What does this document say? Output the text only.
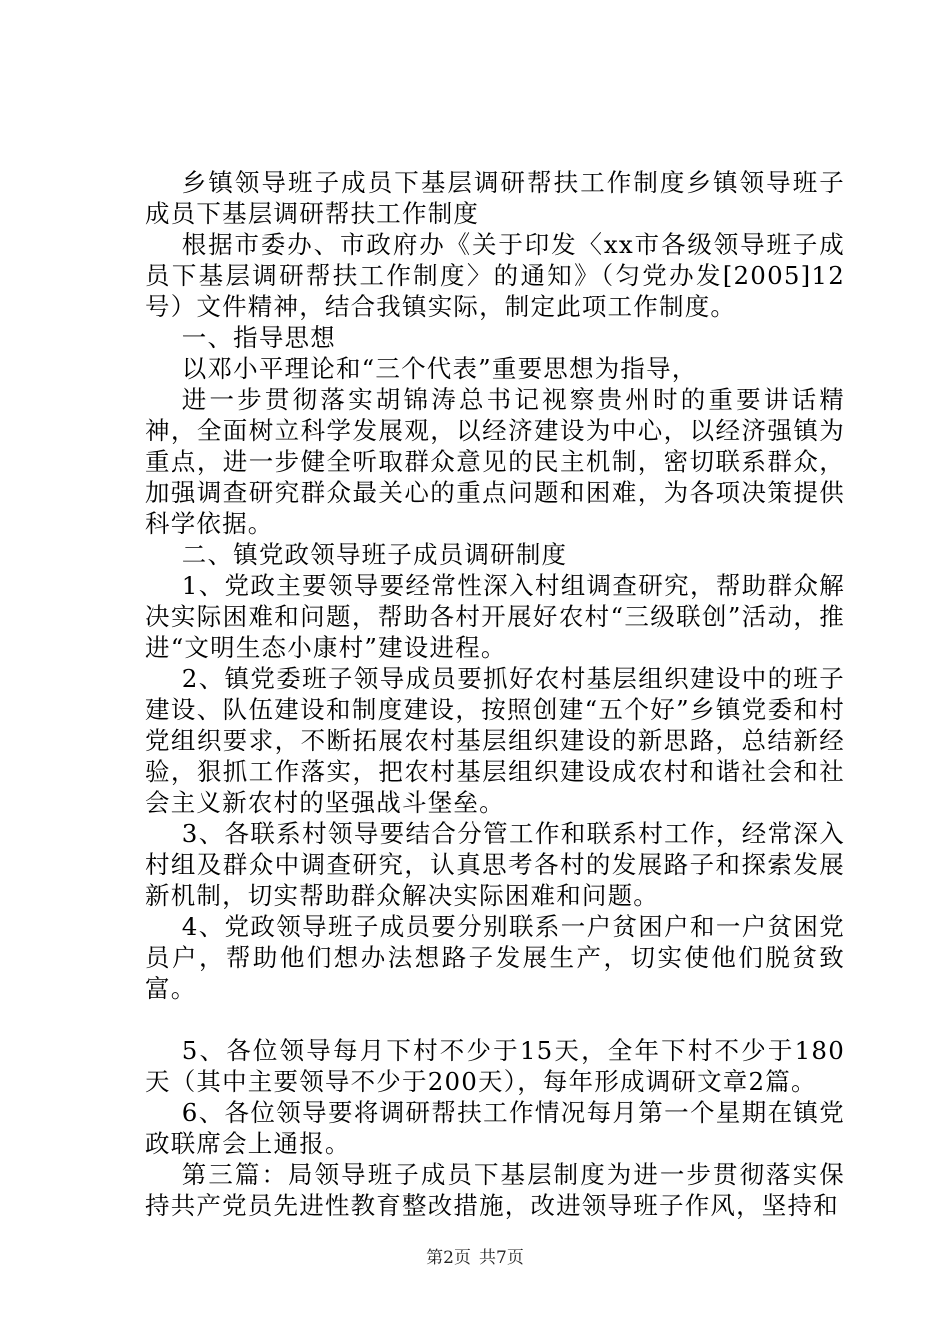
乡镇领导班子成员下基层调研帮扶工作制度乡镇领导班子成员下基层调研帮扶工作制度

根据市委办、市政府办《关于印发〈xx市各级领导班子成员下基层调研帮扶工作制度〉的通知》（匀党办发[2005]12号）文件精神，结合我镇实际，制定此项工作制度。

一、指导思想

以邓小平理论和“三个代表”重要思想为指导，

进一步贯彻落实胡锦涛总书记视察贵州时的重要讲话精神，全面树立科学发展观，以经济建设为中心，以经济强镇为重点，进一步健全听取群众意见的民主机制，密切联系群众，加强调查研究群众最关心的重点问题和困难，为各项决策提供科学依据。

二、镇党政领导班子成员调研制度

1、党政主要领导要经常性深入村组调查研究，帮助群众解决实际困难和问题，帮助各村开展好农村“三级联创”活动，推进“文明生态小康村”建设进程。

2、镇党委班子领导成员要抓好农村基层组织建设中的班子建设、队伍建设和制度建设，按照创建“五个好”乡镇党委和村党组织要求，不断拓展农村基层组织建设的新思路，总结新经验，狠抓工作落实，把农村基层组织建设成农村和谐社会和社会主义新农村的坚强战斗堡垒。

3、各联系村领导要结合分管工作和联系村工作，经常深入村组及群众中调查研究，认真思考各村的发展路子和探索发展新机制，切实帮助群众解决实际困难和问题。

4、党政领导班子成员要分别联系一户贫困户和一户贫困党员户，帮助他们想办法想路子发展生产，切实使他们脱贫致富。

5、各位领导每月下村不少于15天，全年下村不少于180天（其中主要领导不少于200天），每年形成调研文章2篇。

6、各位领导要将调研帮扶工作情况每月第一个星期在镇党政联席会上通报。

第三篇：局领导班子成员下基层制度为进一步贯彻落实保持共产党员先进性教育整改措施，改进领导班子作风，坚持和

第2页 共7页
